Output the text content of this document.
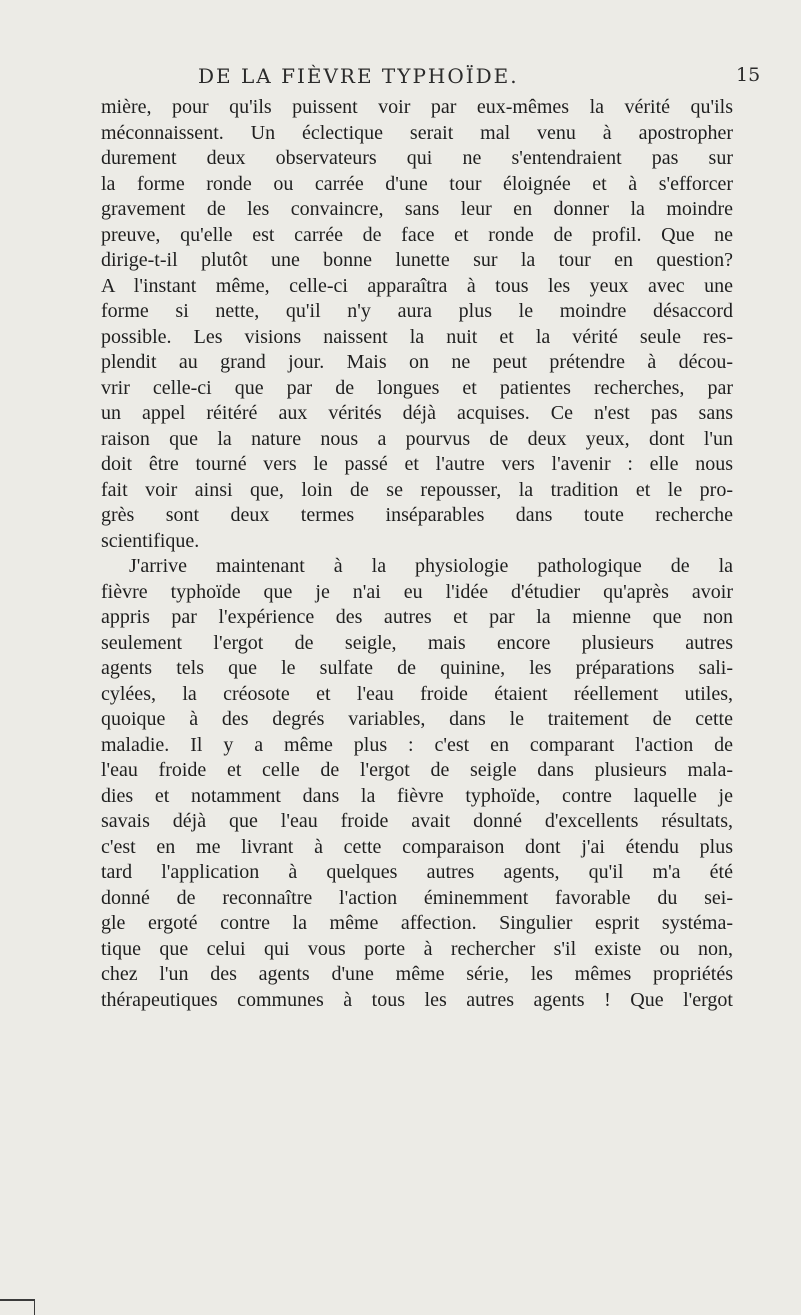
DE LA FIÈVRE TYPHOÏDE.	15
mière, pour qu'ils puissent voir par eux-mêmes la vérité qu'ils
méconnaissent. Un éclectique serait mal venu à apostropher
durement deux observateurs qui ne s'entendraient pas sur
la forme ronde ou carrée d'une tour éloignée et à s'efforcer
gravement de les convaincre, sans leur en donner la moindre
preuve, qu'elle est carrée de face et ronde de profil. Que ne
dirige-t-il plutôt une bonne lunette sur la tour en question?
A l'instant même, celle-ci apparaîtra à tous les yeux avec une
forme si nette, qu'il n'y aura plus le moindre désaccord
possible. Les visions naissent la nuit et la vérité seule res-
plendit au grand jour. Mais on ne peut prétendre à décou-
vrir celle-ci que par de longues et patientes recherches, par
un appel réitéré aux vérités déjà acquises. Ce n'est pas sans
raison que la nature nous a pourvus de deux yeux, dont l'un
doit être tourné vers le passé et l'autre vers l'avenir : elle nous
fait voir ainsi que, loin de se repousser, la tradition et le pro-
grès sont deux termes inséparables dans toute recherche
scientifique.
J'arrive maintenant à la physiologie pathologique de la
fièvre typhoïde que je n'ai eu l'idée d'étudier qu'après avoir
appris par l'expérience des autres et par la mienne que non
seulement l'ergot de seigle, mais encore plusieurs autres
agents tels que le sulfate de quinine, les préparations sali-
cylées, la créosote et l'eau froide étaient réellement utiles,
quoique à des degrés variables, dans le traitement de cette
maladie. Il y a même plus : c'est en comparant l'action de
l'eau froide et celle de l'ergot de seigle dans plusieurs mala-
dies et notamment dans la fièvre typhoïde, contre laquelle je
savais déjà que l'eau froide avait donné d'excellents résultats,
c'est en me livrant à cette comparaison dont j'ai étendu plus
tard l'application à quelques autres agents, qu'il m'a été
donné de reconnaître l'action éminemment favorable du sei-
gle ergoté contre la même affection. Singulier esprit systéma-
tique que celui qui vous porte à rechercher s'il existe ou non,
chez l'un des agents d'une même série, les mêmes propriétés
thérapeutiques communes à tous les autres agents ! Que l'ergot
